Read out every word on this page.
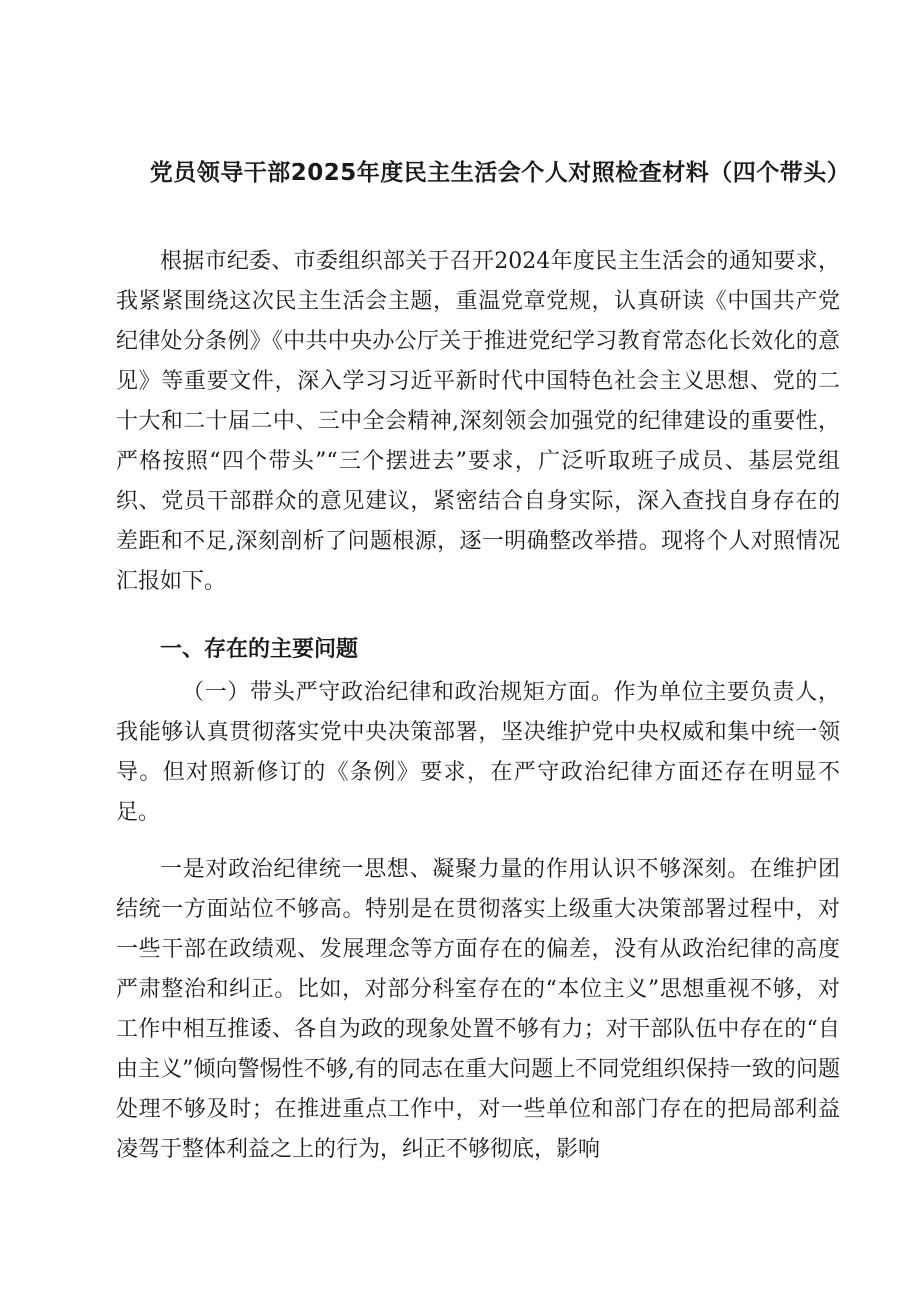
党员领导干部2025年度民主生活会个人对照检查材料（四个带头）

根据市纪委、市委组织部关于召开2024年度民主生活会的通知要求，我紧紧围绕这次民主生活会主题，重温党章党规，认真研读《中国共产党纪律处分条例》《中共中央办公厅关于推进党纪学习教育常态化长效化的意见》等重要文件，深入学习习近平新时代中国特色社会主义思想、党的二十大和二十届二中、三中全会精神,深刻领会加强党的纪律建设的重要性，严格按照“四个带头”“三个摆进去”要求，广泛听取班子成员、基层党组织、党员干部群众的意见建议，紧密结合自身实际，深入查找自身存在的差距和不足,深刻剖析了问题根源，逐一明确整改举措。现将个人对照情况汇报如下。

一、存在的主要问题

（一）带头严守政治纪律和政治规矩方面。作为单位主要负责人，我能够认真贯彻落实党中央决策部署，坚决维护党中央权威和集中统一领导。但对照新修订的《条例》要求，在严守政治纪律方面还存在明显不足。

一是对政治纪律统一思想、凝聚力量的作用认识不够深刻。在维护团结统一方面站位不够高。特别是在贯彻落实上级重大决策部署过程中，对一些干部在政绩观、发展理念等方面存在的偏差，没有从政治纪律的高度严肃整治和纠正。比如，对部分科室存在的“本位主义”思想重视不够，对工作中相互推诿、各自为政的现象处置不够有力；对干部队伍中存在的“自由主义”倾向警惕性不够,有的同志在重大问题上不同党组织保持一致的问题处理不够及时；在推进重点工作中，对一些单位和部门存在的把局部利益凌驾于整体利益之上的行为，纠正不够彻底，影响
